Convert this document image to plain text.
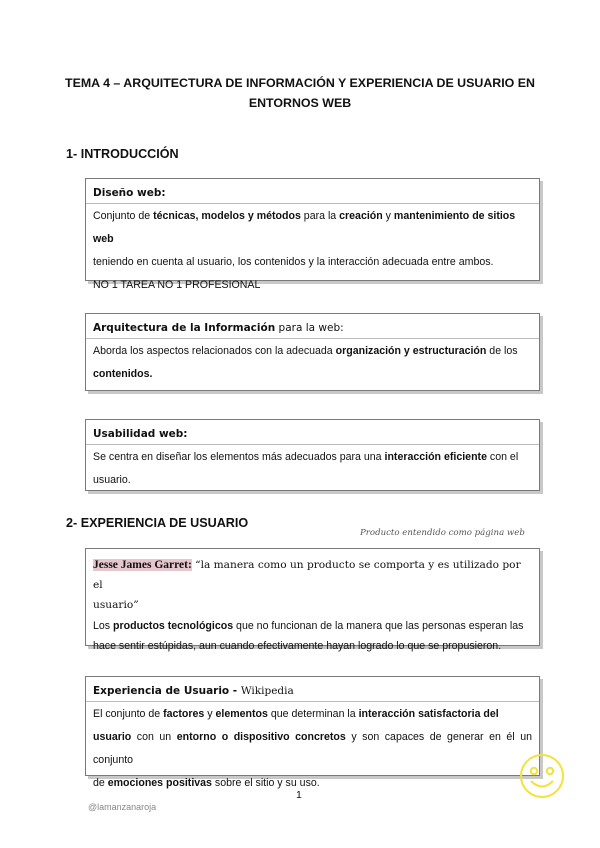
TEMA 4 – ARQUITECTURA DE INFORMACIÓN Y EXPERIENCIA DE USUARIO EN
ENTORNOS WEB
1- INTRODUCCIÓN
Diseño web:
Conjunto de técnicas, modelos y métodos para la creación y mantenimiento de sitios web
teniendo en cuenta al usuario, los contenidos y la interacción adecuada entre ambos.
NO 1 TAREA NO 1 PROFESIONAL
Arquitectura de la Información para la web:
Aborda los aspectos relacionados con la adecuada organización y estructuración de los
contenidos.
Usabilidad web:
Se centra en diseñar los elementos más adecuados para una interacción eficiente con el
usuario.
2- EXPERIENCIA DE USUARIO
Producto entendido como página web
Jesse James Garret: “la manera como un producto se comporta y es utilizado por el
usuario”
Los productos tecnológicos que no funcionan de la manera que las personas esperan las
hace sentir estúpidas, aun cuando efectivamente hayan logrado lo que se propusieron.
Experiencia de Usuario - Wikipedia
El conjunto de factores y elementos que determinan la interacción satisfactoria del
usuario con un entorno o dispositivo concretos y son capaces de generar en él un conjunto
de emociones positivas sobre el sitio y su uso.
1
@lamanzanaroja
